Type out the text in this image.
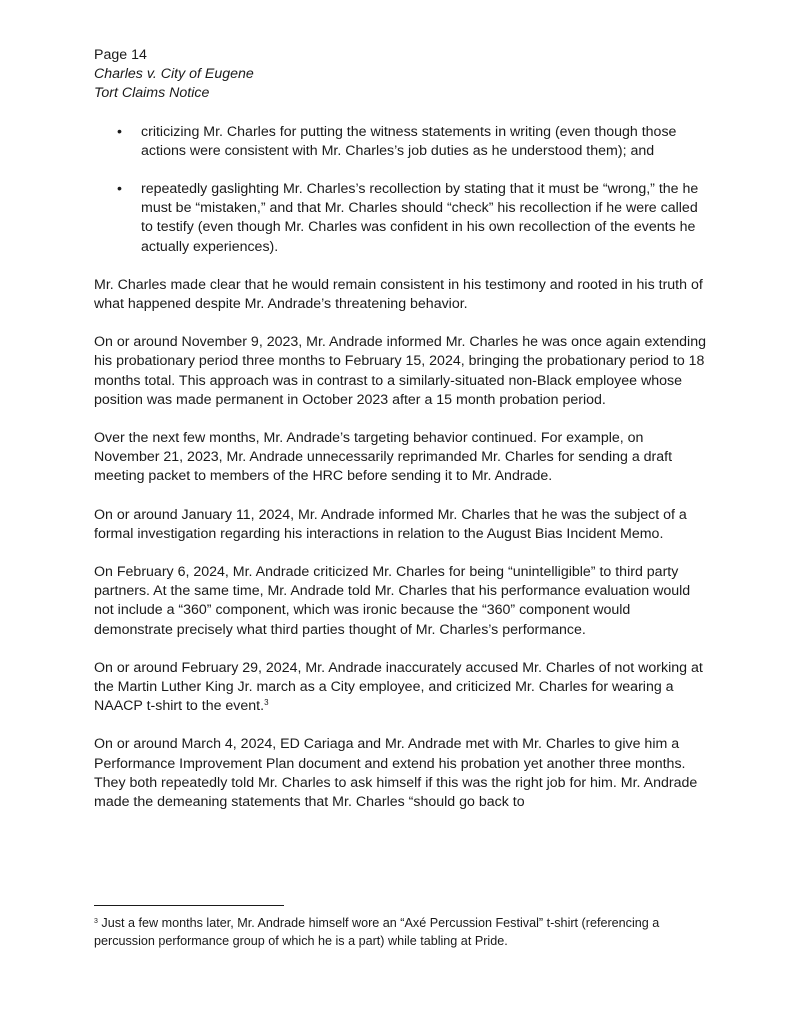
Page 14

Charles v. City of Eugene

Tort Claims Notice

• criticizing Mr. Charles for putting the witness statements in writing (even though those actions were consistent with Mr. Charles’s job duties as he understood them); and
• repeatedly gaslighting Mr. Charles’s recollection by stating that it must be “wrong,” the he must be “mistaken,” and that Mr. Charles should “check” his recollection if he were called to testify (even though Mr. Charles was confident in his own recollection of the events he actually experiences).

Mr. Charles made clear that he would remain consistent in his testimony and rooted in his truth of what happened despite Mr. Andrade’s threatening behavior.

On or around November 9, 2023, Mr. Andrade informed Mr. Charles he was once again extending his probationary period three months to February 15, 2024, bringing the probationary period to 18 months total. This approach was in contrast to a similarly-situated non-Black employee whose position was made permanent in October 2023 after a 15 month probation period.

Over the next few months, Mr. Andrade’s targeting behavior continued. For example, on November 21, 2023, Mr. Andrade unnecessarily reprimanded Mr. Charles for sending a draft meeting packet to members of the HRC before sending it to Mr. Andrade.

On or around January 11, 2024, Mr. Andrade informed Mr. Charles that he was the subject of a formal investigation regarding his interactions in relation to the August Bias Incident Memo.

On February 6, 2024, Mr. Andrade criticized Mr. Charles for being “unintelligible” to third party partners. At the same time, Mr. Andrade told Mr. Charles that his performance evaluation would not include a “360” component, which was ironic because the “360” component would demonstrate precisely what third parties thought of Mr. Charles’s performance.

On or around February 29, 2024, Mr. Andrade inaccurately accused Mr. Charles of not working at the Martin Luther King Jr. march as a City employee, and criticized Mr. Charles for wearing a NAACP t-shirt to the event.$^3$

On or around March 4, 2024, ED Cariaga and Mr. Andrade met with Mr. Charles to give him a Performance Improvement Plan document and extend his probation yet another three months. They both repeatedly told Mr. Charles to ask himself if this was the right job for him. Mr. Andrade made the demeaning statements that Mr. Charles “should go back to

$^3$ Just a few months later, Mr. Andrade himself wore an “Axé Percussion Festival” t-shirt (referencing a percussion performance group of which he is a part) while tabling at Pride.
